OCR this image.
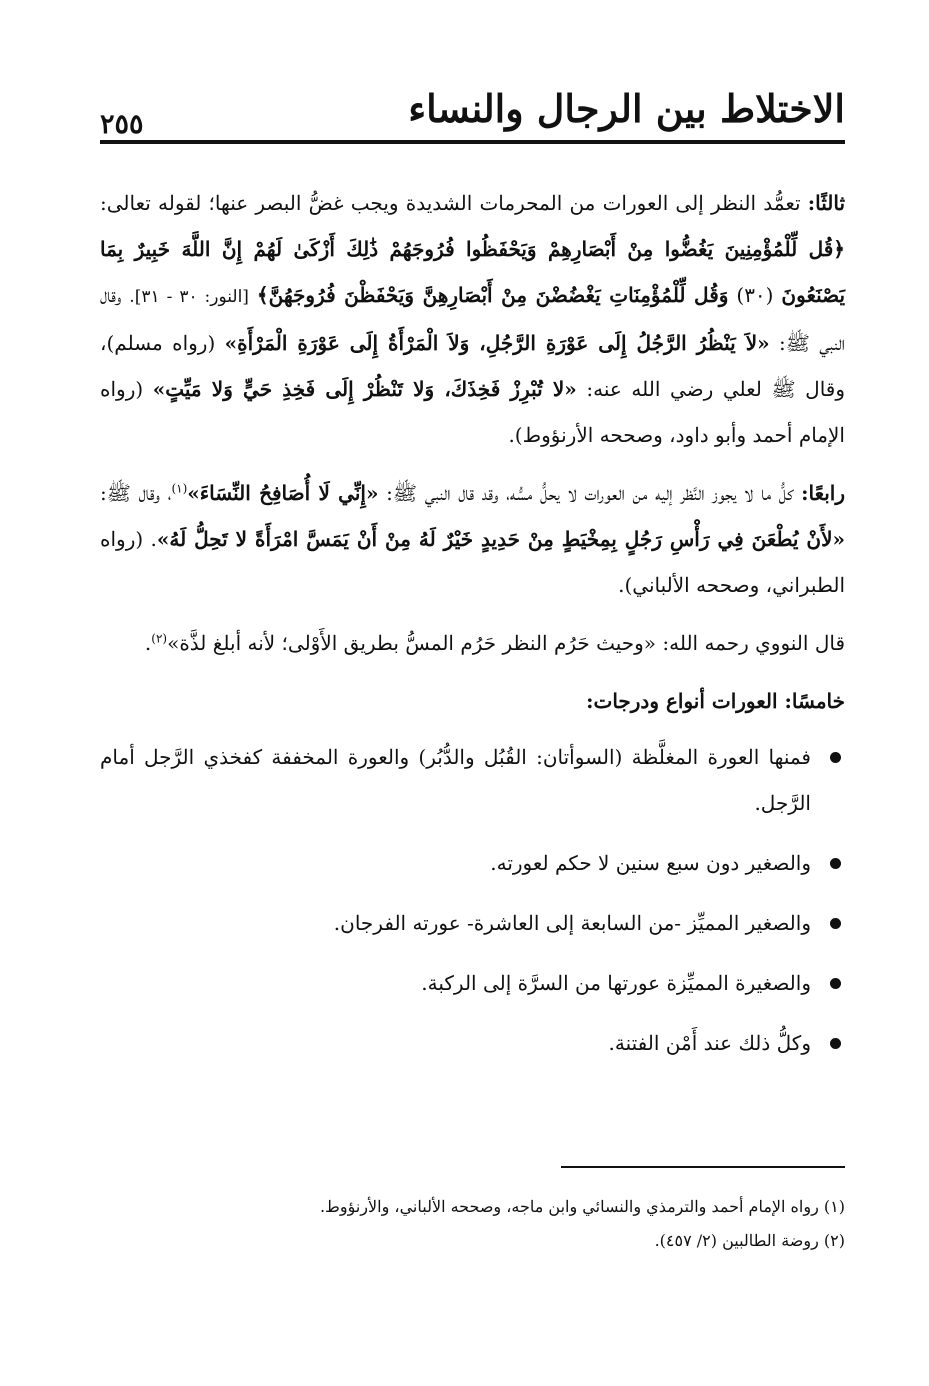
الاختلاط بين الرجال والنساء
٢٥٥

ثالثًا: تعمُّد النظر إلى العورات من المحرمات الشديدة ويجب غضُّ البصر عنها؛ لقوله تعالى: ﴿قُل لِّلْمُؤْمِنِينَ يَغُضُّوا مِنْ أَبْصَارِهِمْ وَيَحْفَظُوا فُرُوجَهُمْ ذَٰلِكَ أَزْكَىٰ لَهُمْ إِنَّ اللَّهَ خَبِيرٌ بِمَا يَصْنَعُونَ (٣٠) وَقُل لِّلْمُؤْمِنَاتِ يَغْضُضْنَ مِنْ أَبْصَارِهِنَّ وَيَحْفَظْنَ فُرُوجَهُنَّ﴾ [النور: ٣٠ - ٣١]. وقال النبي ﷺ: «لاَ يَنْظُرُ الرَّجُلُ إِلَى عَوْرَةِ الرَّجُلِ، وَلاَ الْمَرْأَةُ إِلَى عَوْرَةِ الْمَرْأَةِ» (رواه مسلم)، وقال ﷺ لعلي رضي الله عنه: «لا تُبْرِزْ فَخِذَكَ، وَلا تَنْظُرْ إِلَى فَخِذِ حَيٍّ وَلا مَيِّتٍ» (رواه الإمام أحمد وأبو داود، وصححه الأرنؤوط).

رابعًا: كلُّ ما لا يجوز النَّظر إليه من العورات لا يحلُّ مسُّه، وقد قال النبي ﷺ: «إِنِّي لَا أُصَافِحُ النِّسَاءَ»$^{(١)}$، وقال ﷺ: «لأَنْ يُطْعَنَ فِي رَأْسِ رَجُلٍ بِمِخْيَطٍ مِنْ حَدِيدٍ خَيْرٌ لَهُ مِنْ أَنْ يَمَسَّ امْرَأَةً لا تَحِلُّ لَهُ». (رواه الطبراني، وصححه الألباني).

قال النووي رحمه الله: «وحيث حَرُم النظر حَرُم المسُّ بطريق الأَوْلى؛ لأنه أبلغ لذَّة»$^{(٢)}$.

خامسًا: العورات أنواع ودرجات:

فمنها العورة المغلَّظة (السوأتان: القُبُل والدُّبُر) والعورة المخففة كفخذي الرَّجل أمام الرَّجل.
والصغير دون سبع سنين لا حكم لعورته.
والصغير المميِّز -من السابعة إلى العاشرة- عورته الفرجان.
والصغيرة المميِّزة عورتها من السرَّة إلى الركبة.
وكلُّ ذلك عند أَمْن الفتنة.

(١) رواه الإمام أحمد والترمذي والنسائي وابن ماجه، وصححه الألباني، والأرنؤوط.

(٢) روضة الطالبين (٢/ ٤٥٧).
